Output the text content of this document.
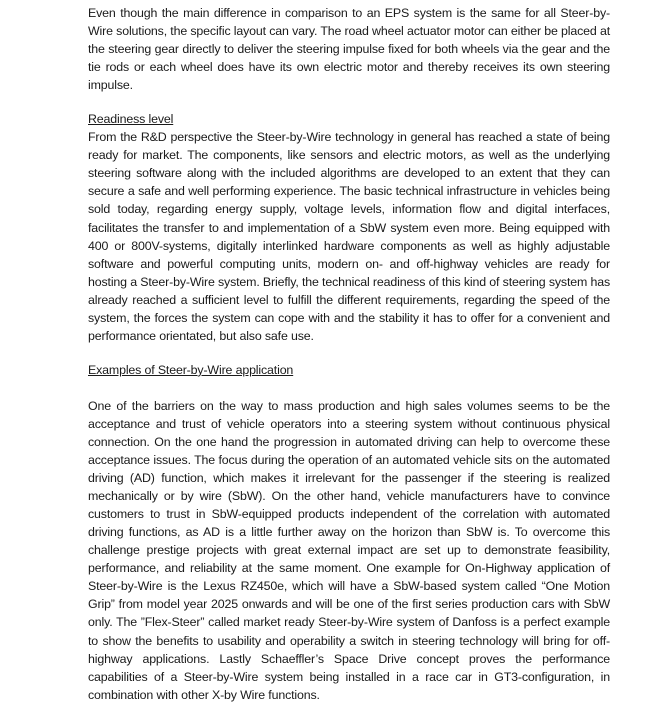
Even though the main difference in comparison to an EPS system is the same for all Steer-by-Wire solutions, the specific layout can vary. The road wheel actuator motor can either be placed at the steering gear directly to deliver the steering impulse fixed for both wheels via the gear and the tie rods or each wheel does have its own electric motor and thereby receives its own steering impulse.

Readiness level

From the R&D perspective the Steer-by-Wire technology in general has reached a state of being ready for market. The components, like sensors and electric motors, as well as the underlying steering software along with the included algorithms are developed to an extent that they can secure a safe and well performing experience. The basic technical infrastructure in vehicles being sold today, regarding energy supply, voltage levels, information flow and digital interfaces, facilitates the transfer to and implementation of a SbW system even more. Being equipped with 400 or 800V-systems, digitally interlinked hardware components as well as highly adjustable software and powerful computing units, modern on- and off-highway vehicles are ready for hosting a Steer-by-Wire system. Briefly, the technical readiness of this kind of steering system has already reached a sufficient level to fulfill the different requirements, regarding the speed of the system, the forces the system can cope with and the stability it has to offer for a convenient and performance orientated, but also safe use.

Examples of Steer-by-Wire application

One of the barriers on the way to mass production and high sales volumes seems to be the acceptance and trust of vehicle operators into a steering system without continuous physical connection. On the one hand the progression in automated driving can help to overcome these acceptance issues. The focus during the operation of an automated vehicle sits on the automated driving (AD) function, which makes it irrelevant for the passenger if the steering is realized mechanically or by wire (SbW). On the other hand, vehicle manufacturers have to convince customers to trust in SbW-equipped products independent of the correlation with automated driving functions, as AD is a little further away on the horizon than SbW is. To overcome this challenge prestige projects with great external impact are set up to demonstrate feasibility, performance, and reliability at the same moment. One example for On-Highway application of Steer-by-Wire is the Lexus RZ450e, which will have a SbW-based system called “One Motion Grip” from model year 2025 onwards and will be one of the first series production cars with SbW only. The ”Flex-Steer” called market ready Steer-by-Wire system of Danfoss is a perfect example to show the benefits to usability and operability a switch in steering technology will bring for off-highway applications. Lastly Schaeffler’s Space Drive concept proves the performance capabilities of a Steer-by-Wire system being installed in a race car in GT3-configuration, in combination with other X-by Wire functions.
